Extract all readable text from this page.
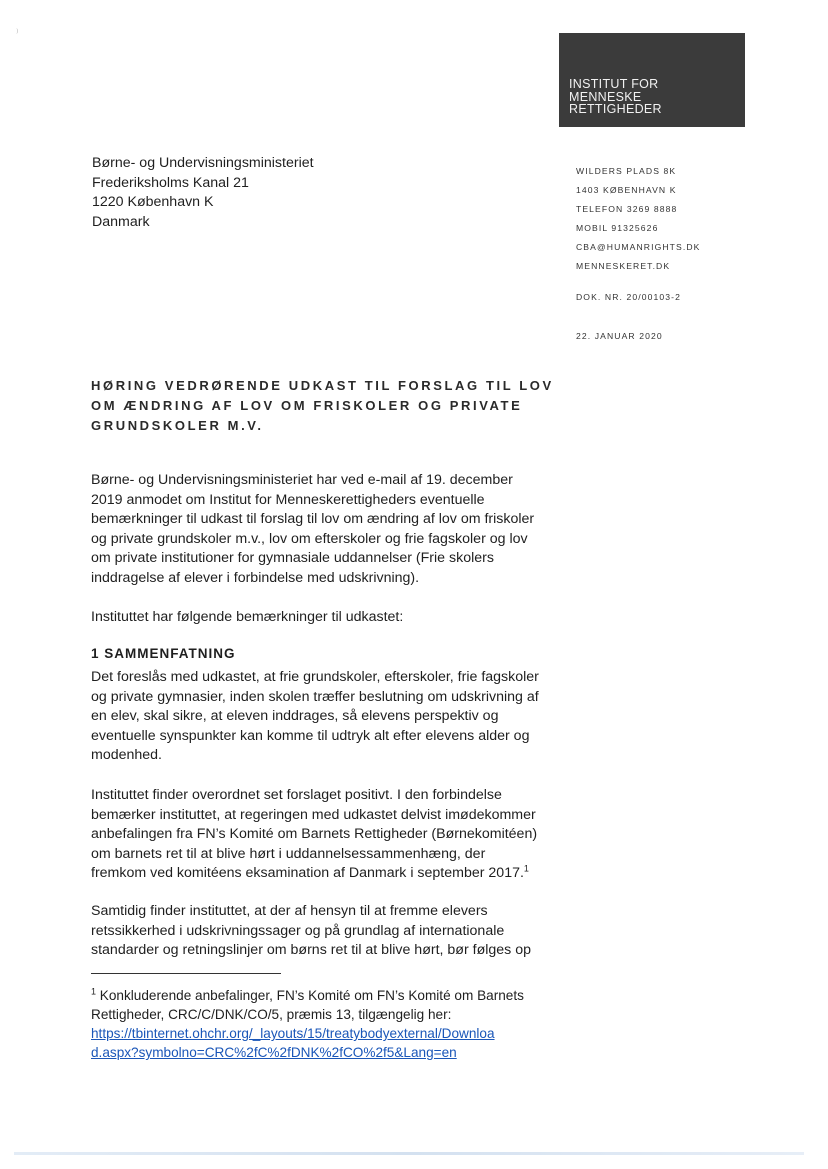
⁾
INSTITUT FOR
MENNESKE
RETTIGHEDER
Børne- og Undervisningsministeriet
Frederiksholms Kanal 21
1220 København K
Danmark
WILDERS PLADS 8K
1403 KØBENHAVN K
TELEFON 3269 8888
MOBIL 91325626
CBA@HUMANRIGHTS.DK
MENNESKERET.DK
DOK. NR. 20/00103-2
22. JANUAR 2020
HØRING VEDRØRENDE UDKAST TIL FORSLAG TIL LOV
OM ÆNDRING AF LOV OM FRISKOLER OG PRIVATE
GRUNDSKOLER M.V.
Børne- og Undervisningsministeriet har ved e-mail af 19. december
2019 anmodet om Institut for Menneskerettigheders eventuelle
bemærkninger til udkast til forslag til lov om ændring af lov om friskoler
og private grundskoler m.v., lov om efterskoler og frie fagskoler og lov
om private institutioner for gymnasiale uddannelser (Frie skolers
inddragelse af elever i forbindelse med udskrivning).
Instituttet har følgende bemærkninger til udkastet:
1 SAMMENFATNING
Det foreslås med udkastet, at frie grundskoler, efterskoler, frie fagskoler
og private gymnasier, inden skolen træffer beslutning om udskrivning af
en elev, skal sikre, at eleven inddrages, så elevens perspektiv og
eventuelle synspunkter kan komme til udtryk alt efter elevens alder og
modenhed.
Instituttet finder overordnet set forslaget positivt. I den forbindelse
bemærker instituttet, at regeringen med udkastet delvist imødekommer
anbefalingen fra FN’s Komité om Barnets Rettigheder (Børnekomitéen)
om barnets ret til at blive hørt i uddannelsessammenhæng, der
fremkom ved komitéens eksamination af Danmark i september 2017.$^1$
Samtidig finder instituttet, at der af hensyn til at fremme elevers
retssikkerhed i udskrivningssager og på grundlag af internationale
standarder og retningslinjer om børns ret til at blive hørt, bør følges op
$^1$ Konkluderende anbefalinger, FN’s Komité om FN’s Komité om Barnets
Rettigheder, CRC/C/DNK/CO/5, præmis 13, tilgængelig her:
https://tbinternet.ohchr.org/_layouts/15/treatybodyexternal/Downloa
d.aspx?symbolno=CRC%2fC%2fDNK%2fCO%2f5&Lang=en
